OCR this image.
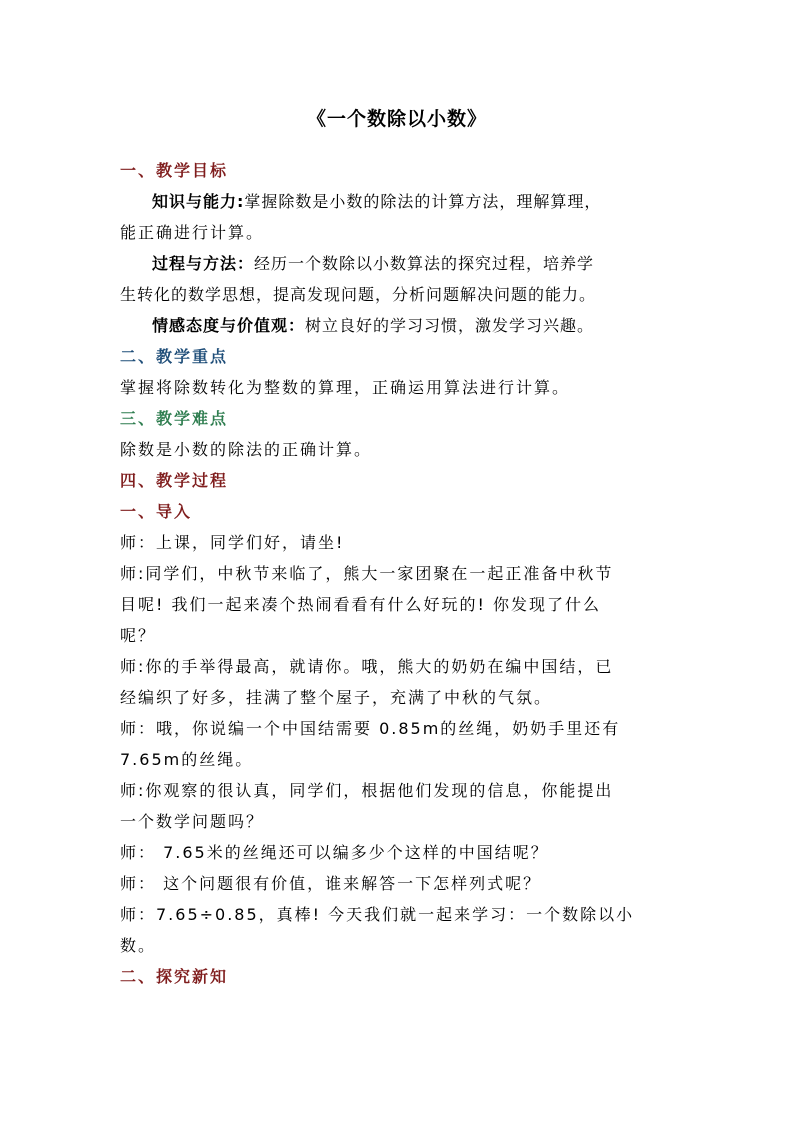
《一个数除以小数》
一、教学目标
知识与能力:掌握除数是小数的除法的计算方法，理解算理，
能正确进行计算。
过程与方法：经历一个数除以小数算法的探究过程，培养学
生转化的数学思想，提高发现问题，分析问题解决问题的能力。
情感态度与价值观：树立良好的学习习惯，激发学习兴趣。
二、教学重点
掌握将除数转化为整数的算理，正确运用算法进行计算。
三、教学难点
除数是小数的除法的正确计算。
四、教学过程
一、导入
师：上课，同学们好，请坐!
师:同学们，中秋节来临了，熊大一家团聚在一起正准备中秋节
目呢! 我们一起来凑个热闹看看有什么好玩的! 你发现了什么
呢？
师:你的手举得最高，就请你。哦，熊大的奶奶在编中国结，已
经编织了好多，挂满了整个屋子，充满了中秋的气氛。
师：哦，你说编一个中国结需要 0.85m的丝绳，奶奶手里还有
7.65m的丝绳。
师:你观察的很认真，同学们，根据他们发现的信息，你能提出
一个数学问题吗？
师： 7.65米的丝绳还可以编多少个这样的中国结呢？
师： 这个问题很有价值，谁来解答一下怎样列式呢？
师：7.65÷0.85，真棒! 今天我们就一起来学习：一个数除以小
数。
二、探究新知
